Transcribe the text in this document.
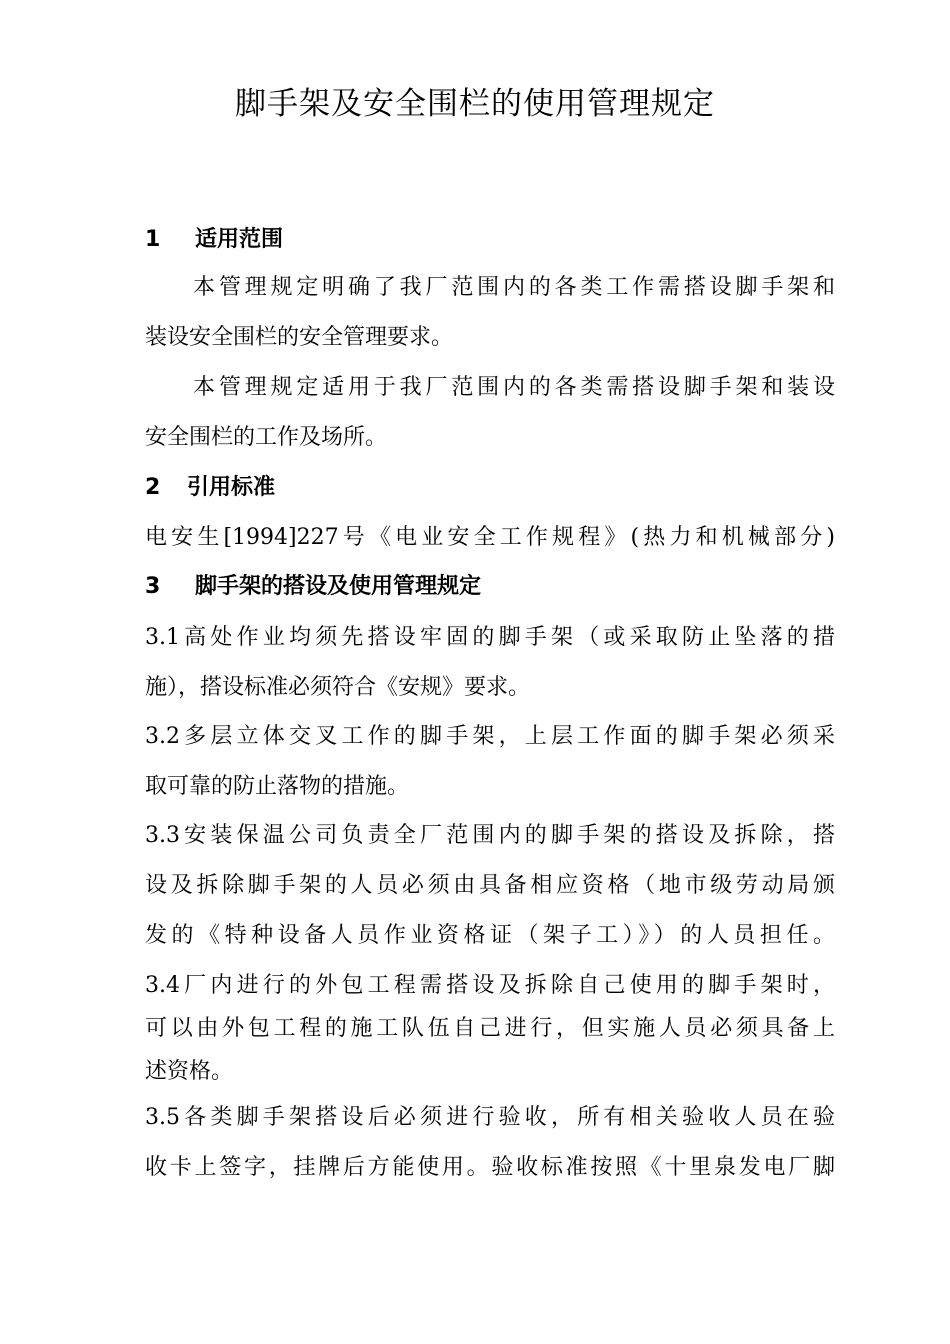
脚手架及安全围栏的使用管理规定
1 适用范围
本管理规定明确了我厂范围内的各类工作需搭设脚手架和
装设安全围栏的安全管理要求。
本管理规定适用于我厂范围内的各类需搭设脚手架和装设
安全围栏的工作及场所。
2 引用标准
电安生[1994]227号《电业安全工作规程》(热力和机械部分)
3 脚手架的搭设及使用管理规定
3.1高处作业均须先搭设牢固的脚手架（或采取防止坠落的措
施），搭设标准必须符合《安规》要求。
3.2多层立体交叉工作的脚手架，上层工作面的脚手架必须采
取可靠的防止落物的措施。
3.3安装保温公司负责全厂范围内的脚手架的搭设及拆除，搭
设及拆除脚手架的人员必须由具备相应资格（地市级劳动局颁
发的《特种设备人员作业资格证（架子工）》）的人员担任。
3.4厂内进行的外包工程需搭设及拆除自己使用的脚手架时，
可以由外包工程的施工队伍自己进行，但实施人员必须具备上
述资格。
3.5各类脚手架搭设后必须进行验收，所有相关验收人员在验
收卡上签字，挂牌后方能使用。验收标准按照《十里泉发电厂脚
